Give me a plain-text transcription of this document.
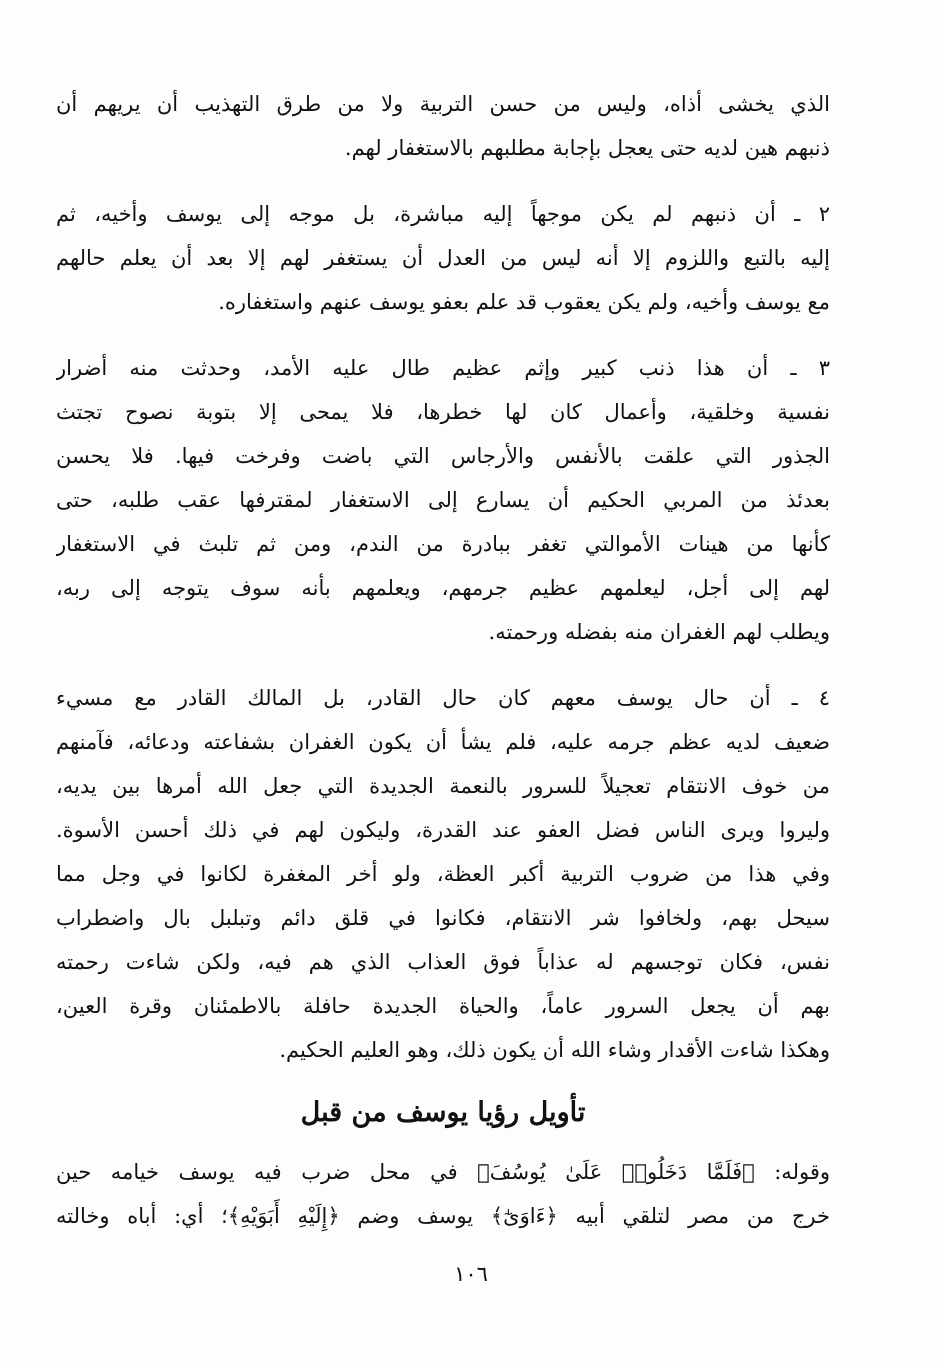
الذي يخشى أذاه، وليس من حسن التربية ولا من طرق التهذيب أن يريهم أن
ذنبهم هين لديه حتى يعجل بإجابة مطلبهم بالاستغفار لهم.
٢ ـ أن ذنبهم لم يكن موجهاً إليه مباشرة، بل موجه إلى يوسف وأخيه، ثم
إليه بالتبع واللزوم إلا أنه ليس من العدل أن يستغفر لهم إلا بعد أن يعلم حالهم
مع يوسف وأخيه، ولم يكن يعقوب قد علم بعفو يوسف عنهم واستغفاره.
٣ ـ أن هذا ذنب كبير وإثم عظيم طال عليه الأمد، وحدثت منه أضرار
نفسية وخلقية، وأعمال كان لها خطرها، فلا يمحى إلا بتوبة نصوح تجتث
الجذور التي علقت بالأنفس والأرجاس التي باضت وفرخت فيها. فلا يحسن
بعدئذ من المربي الحكيم أن يسارع إلى الاستغفار لمقترفها عقب طلبه، حتى
كأنها من هينات الأموالتي تغفر ببادرة من الندم، ومن ثم تلبث في الاستغفار
لهم إلى أجل، ليعلمهم عظيم جرمهم، ويعلمهم بأنه سوف يتوجه إلى ربه،
ويطلب لهم الغفران منه بفضله ورحمته.
٤ ـ أن حال يوسف معهم كان حال القادر، بل المالك القادر مع مسيء
ضعيف لديه عظم جرمه عليه، فلم يشأ أن يكون الغفران بشفاعته ودعائه، فآمنهم
من خوف الانتقام تعجيلاً للسرور بالنعمة الجديدة التي جعل الله أمرها بين يديه،
وليروا ويرى الناس فضل العفو عند القدرة، وليكون لهم في ذلك أحسن الأسوة.
وفي هذا من ضروب التربية أكبر العظة، ولو أخر المغفرة لكانوا في وجل مما
سيحل بهم، ولخافوا شر الانتقام، فكانوا في قلق دائم وتبلبل بال واضطراب
نفس، فكان توجسهم له عذاباً فوق العذاب الذي هم فيه، ولكن شاءت رحمته
بهم أن يجعل السرور عاماً، والحياة الجديدة حافلة بالاطمئنان وقرة العين،
وهكذا شاءت الأقدار وشاء الله أن يكون ذلك، وهو العليم الحكيم.
تأويل رؤيا يوسف من قبل
وقوله: ﴿فَلَمَّا دَخَلُوا۟ عَلَىٰ يُوسُفَ﴾ في محل ضرب فيه يوسف خيامه حين
خرج من مصر لتلقي أبيه ﴿ءَاوَىٰٓ﴾ يوسف وضم ﴿إِلَيْهِ أَبَوَيْهِ﴾؛ أي: أباه وخالته
١٠٦
